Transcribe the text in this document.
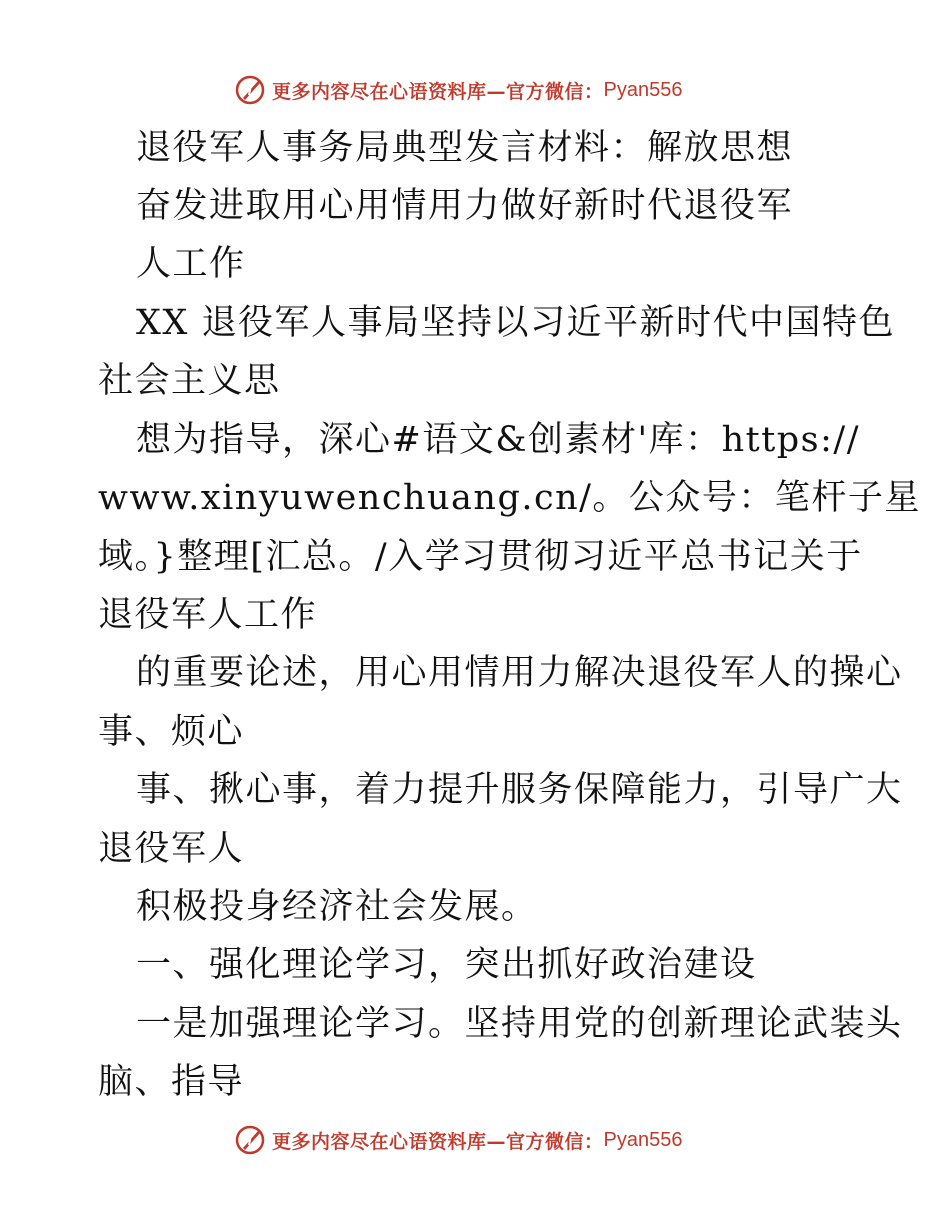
更多内容尽在心语资料库—官方微信： Pyan556
退役军人事务局典型发言材料：解放思想
奋发进取用心用情用力做好新时代退役军
人工作
XX 退役军人事局坚持以习近平新时代中国特色
社会主义思
想为指导，深心#语文&创素材'库：https://
www.xinyuwenchuang.cn/。公众号：笔杆子星
域。}整理[汇总。/入学习贯彻习近平总书记关于
退役军人工作
的重要论述，用心用情用力解决退役军人的操心
事、烦心
事、揪心事，着力提升服务保障能力，引导广大
退役军人
积极投身经济社会发展。
一、强化理论学习，突出抓好政治建设
一是加强理论学习。坚持用党的创新理论武装头
脑、指导
更多内容尽在心语资料库—官方微信： Pyan556
